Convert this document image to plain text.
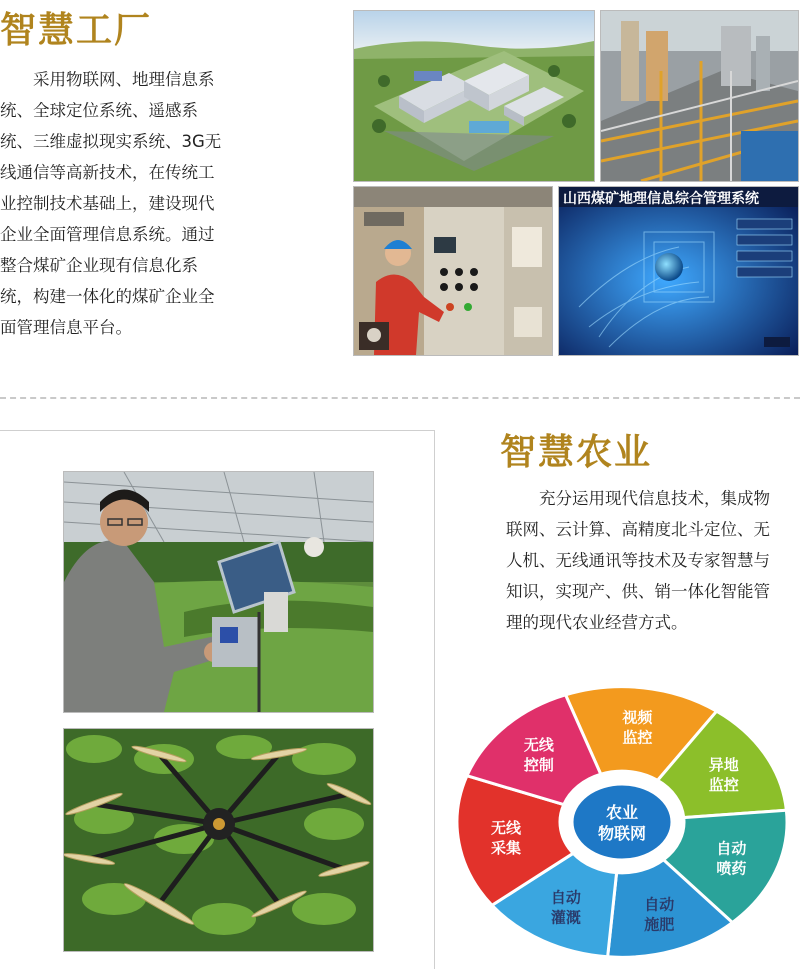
智慧工厂
　　采用物联网、地理信息系
统、全球定位系统、遥感系
统、三维虚拟现实系统、3G无
线通信等高新技术，在传统工
业控制技术基础上，建设现代
企业全面管理信息系统。通过
整合煤矿企业现有信息化系
统，构建一体化的煤矿企业全
面管理信息平台。
山西煤矿地理信息综合管理系统
智慧农业
　　充分运用现代信息技术，集成物
联网、云计算、高精度北斗定位、无
人机、无线通讯等技术及专家智慧与
知识，实现产、供、销一体化智能管
理的现代农业经营方式。
视频
监控
异地
监控
自动
喷药
自动
施肥
自动
灌溉
无线
采集
无线
控制
农业
物联网
